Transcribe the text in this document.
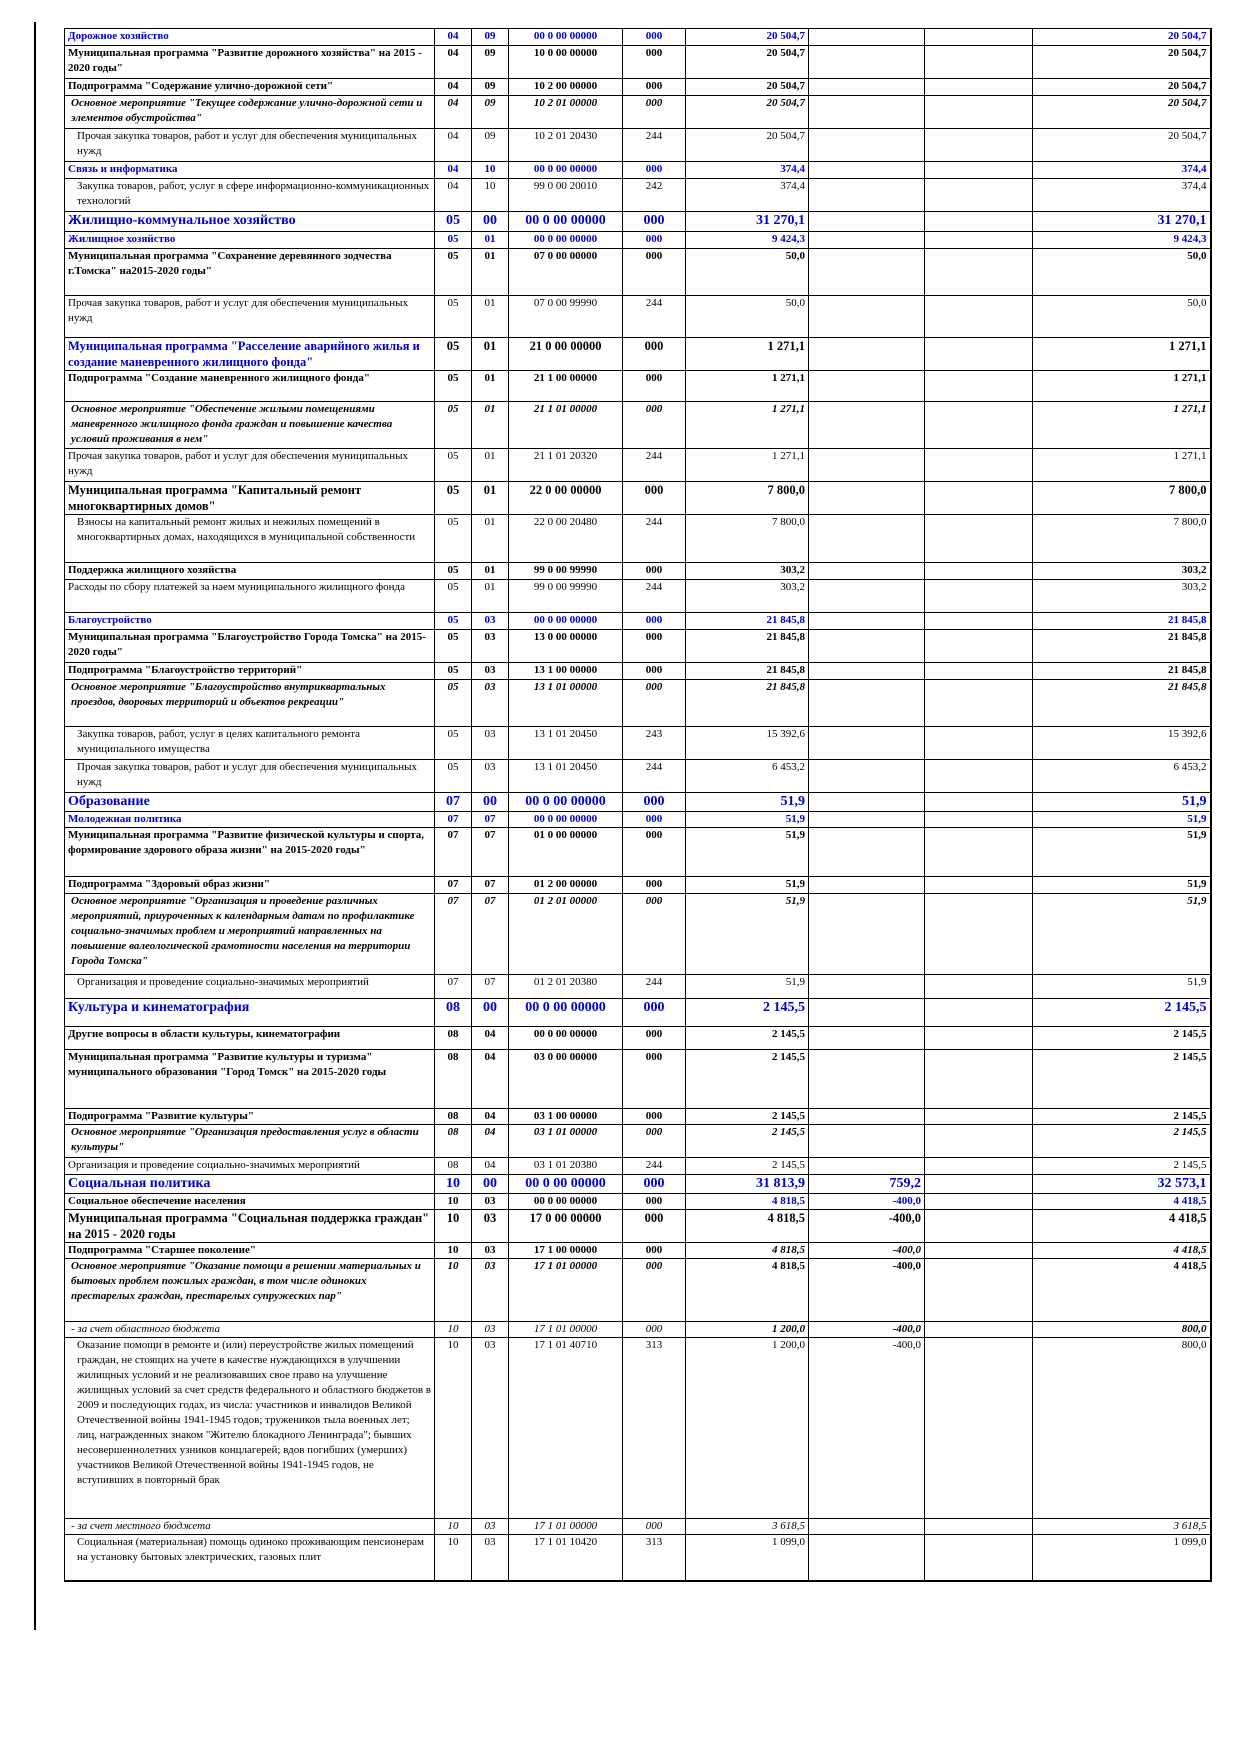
Дорожное хозяйство	04	09	00 0 00 00000	000	20 504,7			20 504,7
Муниципальная программа "Развитие дорожного хозяйства" на 2015 - 2020 годы"	04	09	10 0 00 00000	000	20 504,7			20 504,7
Подпрограмма "Содержание улично-дорожной сети"	04	09	10 2 00 00000	000	20 504,7			20 504,7
Основное мероприятие "Текущее содержание улично-дорожной сети и элементов обустройства"	04	09	10 2 01 00000	000	20 504,7			20 504,7
Прочая закупка товаров, работ и услуг для обеспечения муниципальных нужд	04	09	10 2 01 20430	244	20 504,7			20 504,7
Связь и информатика	04	10	00 0 00 00000	000	374,4			374,4
Закупка товаров, работ, услуг в сфере информационно-коммуникационных технологий	04	10	99 0 00 20010	242	374,4			374,4
Жилищно-коммунальное хозяйство	05	00	00 0 00 00000	000	31 270,1			31 270,1
Жилищное хозяйство	05	01	00 0 00 00000	000	9 424,3			9 424,3
Муниципальная программа "Сохранение деревянного зодчества г.Томска" на2015-2020 годы"	05	01	07 0 00 00000	000	50,0			50,0
Прочая закупка товаров, работ и услуг для обеспечения муниципальных нужд	05	01	07 0 00 99990	244	50,0			50,0
Муниципальная программа "Расселение аварийного жилья и создание маневренного жилищного фонда"	05	01	21 0 00 00000	000	1 271,1			1 271,1
Подпрограмма "Создание маневренного жилищного фонда"	05	01	21 1 00 00000	000	1 271,1			1 271,1
Основное мероприятие "Обеспечение жилыми помещениями маневренного жилищного фонда граждан и повышение качества условий проживания в нем"	05	01	21 1 01 00000	000	1 271,1			1 271,1
Прочая закупка товаров, работ и услуг для обеспечения муниципальных нужд	05	01	21 1 01 20320	244	1 271,1			1 271,1
Муниципальная программа "Капитальный ремонт многоквартирных домов"	05	01	22 0 00 00000	000	7 800,0			7 800,0
Взносы на капитальный ремонт жилых и нежилых помещений в многоквартирных домах, находящихся в муниципальной собственности	05	01	22 0 00 20480	244	7 800,0			7 800,0
Поддержка жилищного хозяйства	05	01	99 0 00 99990	000	303,2			303,2
Расходы по сбору платежей за наем муниципального жилищного фонда	05	01	99 0 00 99990	244	303,2			303,2
Благоустройство	05	03	00 0 00 00000	000	21 845,8			21 845,8
Муниципальная программа "Благоустройство Города Томска" на 2015-2020 годы"	05	03	13 0 00 00000	000	21 845,8			21 845,8
Подпрограмма "Благоустройство территорий"	05	03	13 1 00 00000	000	21 845,8			21 845,8
Основное мероприятие "Благоустройство внутриквартальных проездов, дворовых территорий и объектов рекреации"	05	03	13 1 01 00000	000	21 845,8			21 845,8
Закупка товаров, работ, услуг в целях капитального ремонта муниципального имущества	05	03	13 1 01 20450	243	15 392,6			15 392,6
Прочая закупка товаров, работ и услуг для обеспечения муниципальных нужд	05	03	13 1 01 20450	244	6 453,2			6 453,2
Образование	07	00	00 0 00 00000	000	51,9			51,9
Молодежная политика	07	07	00 0 00 00000	000	51,9			51,9
Муниципальная программа "Развитие физической культуры и спорта, формирование здорового образа жизни" на 2015-2020 годы"	07	07	01 0 00 00000	000	51,9			51,9
Подпрограмма "Здоровый образ жизни"	07	07	01 2 00 00000	000	51,9			51,9
Основное мероприятие "Организация и проведение различных мероприятий, приуроченных к календарным датам по профилактике социально-значимых проблем и мероприятий направленных на повышение валеологической грамотности населения на территории Города Томска"	07	07	01 2 01 00000	000	51,9			51,9
Организация и проведение социально-значимых мероприятий	07	07	01 2 01 20380	244	51,9			51,9
Культура и кинематография	08	00	00 0 00 00000	000	2 145,5			2 145,5
Другие вопросы в области культуры, кинематографии	08	04	00 0 00 00000	000	2 145,5			2 145,5
Муниципальная программа "Развитие культуры и туризма" муниципального образования "Город Томск" на 2015-2020 годы	08	04	03 0 00 00000	000	2 145,5			2 145,5
Подпрограмма "Развитие культуры"	08	04	03 1 00 00000	000	2 145,5			2 145,5
Основное мероприятие "Организация предоставления услуг в области культуры"	08	04	03 1 01 00000	000	2 145,5			2 145,5
Организация и проведение социально-значимых мероприятий	08	04	03 1 01 20380	244	2 145,5			2 145,5
Социальная политика	10	00	00 0 00 00000	000	31 813,9	759,2		32 573,1
Социальное обеспечение населения	10	03	00 0 00 00000	000	4 818,5	-400,0		4 418,5
Муниципальная программа "Социальная поддержка граждан" на 2015 - 2020 годы	10	03	17 0 00 00000	000	4 818,5	-400,0		4 418,5
Подпрограмма "Старшее поколение"	10	03	17 1 00 00000	000	4 818,5	-400,0		4 418,5
Основное мероприятие "Оказание помощи в решении материальных и бытовых проблем пожилых граждан, в том числе одиноких престарелых граждан, престарелых супружеских пар"	10	03	17 1 01 00000	000	4 818,5	-400,0		4 418,5
- за счет областного бюджета	10	03	17 1 01 00000	000	1 200,0	-400,0		800,0
Оказание помощи в ремонте и (или) переустройстве жилых помещений граждан, не стоящих на учете в качестве нуждающихся в улучшении жилищных условий и не реализовавших свое право на улучшение жилищных условий за счет средств федерального и областного бюджетов в 2009 и последующих годах, из числа: участников и инвалидов Великой Отечественной войны 1941-1945 годов; тружеников тыла военных лет; лиц, награжденных знаком "Жителю блокадного Ленинграда"; бывших несовершеннолетних узников концлагерей; вдов погибших (умерших) участников Великой Отечественной войны 1941-1945 годов, не вступивших в повторный брак	10	03	17 1 01 40710	313	1 200,0	-400,0		800,0
- за счет местного бюджета	10	03	17 1 01 00000	000	3 618,5			3 618,5
Социальная (материальная) помощь одиноко проживающим пенсионерам на установку бытовых электрических, газовых плит	10	03	17 1 01 10420	313	1 099,0			1 099,0
